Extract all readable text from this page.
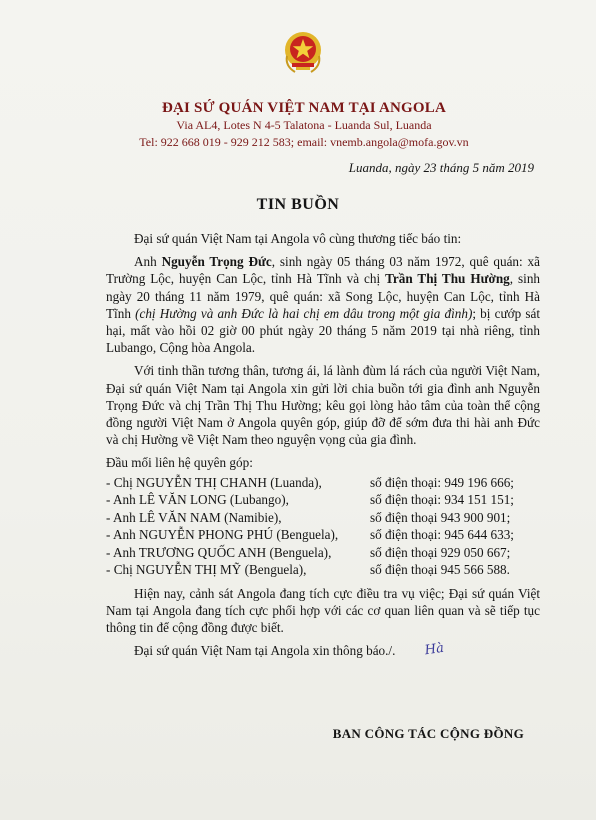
ĐẠI SỨ QUÁN VIỆT NAM TẠI ANGOLA
Via AL4, Lotes N 4-5 Talatona - Luanda Sul, Luanda
Tel: 922 668 019 - 929 212 583; email: vnemb.angola@mofa.gov.vn
Luanda, ngày 23 tháng 5 năm 2019
TIN BUỒN

Đại sứ quán Việt Nam tại Angola vô cùng thương tiếc báo tin:

Anh Nguyễn Trọng Đức, sinh ngày 05 tháng 03 năm 1972, quê quán: xã Trường Lộc, huyện Can Lộc, tỉnh Hà Tĩnh và chị Trần Thị Thu Hường, sinh ngày 20 tháng 11 năm 1979, quê quán: xã Song Lộc, huyện Can Lộc, tỉnh Hà Tĩnh (chị Hường và anh Đức là hai chị em dâu trong một gia đình); bị cướp sát hại, mất vào hồi 02 giờ 00 phút ngày 20 tháng 5 năm 2019 tại nhà riêng, tỉnh Lubango, Cộng hòa Angola.

Với tinh thần tương thân, tương ái, lá lành đùm lá rách của người Việt Nam, Đại sứ quán Việt Nam tại Angola xin gửi lời chia buồn tới gia đình anh Nguyễn Trọng Đức và chị Trần Thị Thu Hường; kêu gọi lòng hảo tâm của toàn thể cộng đồng người Việt Nam ở Angola quyên góp, giúp đỡ để sớm đưa thi hài anh Đức và chị Hường về Việt Nam theo nguyện vọng của gia đình.

Đầu mối liên hệ quyên góp:

- Chị NGUYỄN THỊ CHANH (Luanda),	số điện thoại: 949 196 666;
- Anh LÊ VĂN LONG (Lubango),	số điện thoại: 934 151 151;
- Anh LÊ VĂN NAM (Namibie),	số điện thoại 943 900 901;
- Anh NGUYỄN PHONG PHÚ (Benguela),	số điện thoại: 945 644 633;
- Anh TRƯƠNG QUỐC ANH (Benguela),	số điện thoại 929 050 667;
- Chị NGUYỄN THỊ MỸ (Benguela),	số điện thoại 945 566 588.

Hiện nay, cảnh sát Angola đang tích cực điều tra vụ việc; Đại sứ quán Việt Nam tại Angola đang tích cực phối hợp với các cơ quan liên quan và sẽ tiếp tục thông tin để cộng đồng được biết.

Đại sứ quán Việt Nam tại Angola xin thông báo./. Hà

BAN CÔNG TÁC CỘNG ĐỒNG
